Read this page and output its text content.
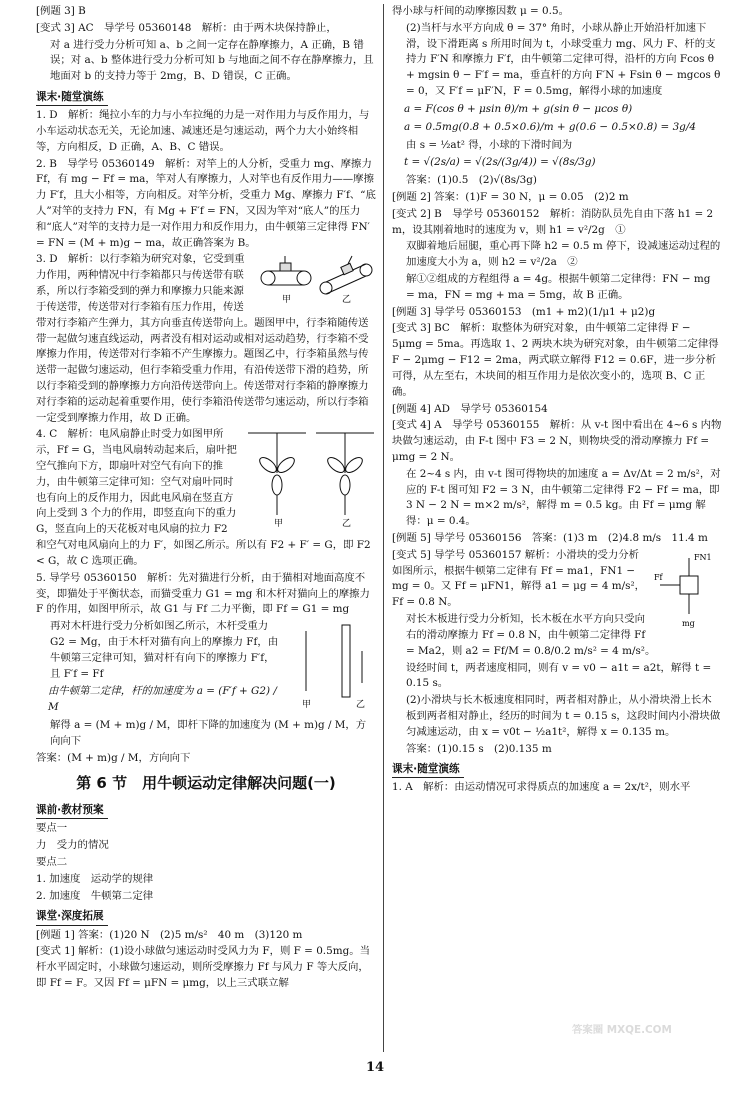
[例题 3] B

[变式 3] AC　导学号 05360148　解析：由于两木块保持静止，

对 a 进行受力分析可知 a、b 之间一定存在静摩擦力，A 正确，B 错误；对 a、b 整体进行受力分析可知 b 与地面之间不存在静摩擦力，且地面对 b 的支持力等于 2mg，B、D 错误，C 正确。

课末·随堂演练

1. D　解析：绳拉小车的力与小车拉绳的力是一对作用力与反作用力，与小车运动状态无关，无论加速、减速还是匀速运动，两个力大小始终相等，方向相反，D 正确，A、B、C 错误。

2. B　导学号 05360149　解析：对竿上的人分析，受重力 mg、摩擦力 Ff，有 mg − Ff = ma，竿对人有摩擦力，人对竿也有反作用力——摩擦力 F′f，且大小相等，方向相反。对竿分析，受重力 Mg、摩擦力 F′f、“底人”对竿的支持力 FN，有 Mg + F′f = FN，又因为竿对“底人”的压力和“底人”对竿的支持力是一对作用力和反作用力，由牛顿第三定律得 FN′ = FN = (M + m)g − ma，故正确答案为 B。

甲	乙

3. D　解析：以行李箱为研究对象，它受到重力作用，两种情况中行李箱都只与传送带有联系，所以行李箱受到的弹力和摩擦力只能来源于传送带，传送带对行李箱有压力作用，传送带对行李箱产生弹力，其方向垂直传送带向上。题图甲中，行李箱随传送带一起做匀速直线运动，两者没有相对运动或相对运动趋势，行李箱不受摩擦力作用，传送带对行李箱不产生摩擦力。题图乙中，行李箱虽然与传送带一起做匀速运动，但行李箱受重力作用，有沿传送带下滑的趋势，所以行李箱受到的静摩擦力方向沿传送带向上。传送带对行李箱的静摩擦力对行李箱的运动起着重要作用，使行李箱沿传送带匀速运动，所以行李箱一定受到摩擦力作用，故 D 正确。

甲	乙

4. C　解析：电风扇静止时受力如图甲所示，Ff = G，当电风扇转动起来后，扇叶把空气推向下方，即扇叶对空气有向下的推力，由牛顿第三定律可知：空气对扇叶同时也有向上的反作用力，因此电风扇在竖直方向上受到 3 个力的作用，即竖直向下的重力 G，竖直向上的天花板对电风扇的拉力 F2 和空气对电风扇向上的力 F′，如图乙所示。所以有 F2 + F′ = G，即 F2 < G，故 C 选项正确。

5. 导学号 05360150　解析：先对猫进行分析，由于猫相对地面高度不变，即猫处于平衡状态，而猫受重力 G1 = mg 和木杆对猫向上的摩擦力 F 的作用，如图甲所示，故 G1 与 Ff 二力平衡，即 Ff = G1 = mg

甲	乙

再对木杆进行受力分析如图乙所示，木杆受重力 G2 = Mg，由于木杆对猫有向上的摩擦力 Ff，由牛顿第三定律可知，猫对杆有向下的摩擦力 F′f，且 F′f = Ff

由牛顿第二定律，杆的加速度为 a = (F′f + G2) / M

解得 a = (M + m)g / M，即杆下降的加速度为 (M + m)g / M，方向向下

答案：(M + m)g / M，方向向下

第 6 节　用牛顿运动定律解决问题(一)
课前·教材预案

要点一

力　受力的情况

要点二

1. 加速度　运动学的规律

2. 加速度　牛顿第二定律

课堂·深度拓展

[例题 1] 答案：(1)20 N　(2)5 m/s²　40 m　(3)120 m

[变式 1] 解析：(1)设小球做匀速运动时受风力为 F，则 F = 0.5mg。当杆水平固定时，小球做匀速运动，则所受摩擦力 Ff 与风力 F 等大反向，即 Ff = F。又因 Ff = μFN = μmg，以上三式联立解

得小球与杆间的动摩擦因数 μ = 0.5。

(2)当杆与水平方向成 θ = 37° 角时，小球从静止开始沿杆加速下滑，设下滑距离 s 所用时间为 t，小球受重力 mg、风力 F、杆的支持力 F′N 和摩擦力 F′f，由牛顿第二定律可得，沿杆的方向 Fcos θ + mgsin θ − F′f = ma，垂直杆的方向 F′N + Fsin θ − mgcos θ = 0，又 F′f = μF′N，F = 0.5mg，解得小球的加速度

a = F(cos θ + μsin θ)/m + g(sin θ − μcos θ)

a = 0.5mg(0.8 + 0.5×0.6)/m + g(0.6 − 0.5×0.8) = 3g/4

由 s = ½at² 得，小球的下滑时间为

t = √(2s/a) = √(2s/(3g/4)) = √(8s/3g)

答案：(1)0.5　(2)√(8s/3g)

[例题 2] 答案：(1)F = 30 N，μ = 0.05　(2)2 m

[变式 2] B　导学号 05360152　解析：消防队员先自由下落 h1 = 2 m，设其刚着地时的速度为 v，则 h1 = v²/2g　①

双脚着地后屈腿，重心再下降 h2 = 0.5 m 停下，设减速运动过程的加速度大小为 a，则 h2 = v²/2a　②

解①②组成的方程组得 a = 4g。根据牛顿第二定律得：FN − mg = ma，FN = mg + ma = 5mg，故 B 正确。

[例题 3] 导学号 05360153　(m1 + m2)(1/μ1 + μ2)g

[变式 3] BC　解析：取整体为研究对象，由牛顿第二定律得 F − 5μmg = 5ma。再选取 1、2 两块木块为研究对象，由牛顿第二定律得 F − 2μmg − F12 = 2ma，两式联立解得 F12 = 0.6F，进一步分析可得，从左至右，木块间的相互作用力是依次变小的，选项 B、C 正确。

[例题 4] AD　导学号 05360154

[变式 4] A　导学号 05360155　解析：从 v-t 图中看出在 4~6 s 内物块做匀速运动，由 F-t 图中 F3 = 2 N，则物块受的滑动摩擦力 Ff = μmg = 2 N。

在 2~4 s 内，由 v-t 图可得物块的加速度 a = Δv/Δt = 2 m/s²，对应的 F-t 图可知 F2 = 3 N，由牛顿第二定律得 F2 − Ff = ma，即 3 N − 2 N = m×2 m/s²，解得 m = 0.5 kg。由 Ff = μmg 解得：μ = 0.4。

[例题 5] 导学号 05360156　答案：(1)3 m　(2)4.8 m/s　11.4 m

FN1
Ff
mg

[变式 5] 导学号 05360157 解析：小滑块的受力分析如图所示，根据牛顿第二定律有 Ff = ma1，FN1 − mg = 0。又 Ff = μFN1，解得 a1 = μg = 4 m/s²，Ff = 0.8 N。

对长木板进行受力分析知，长木板在水平方向只受向右的滑动摩擦力 Ff = 0.8 N，由牛顿第二定律得 Ff = Ma2，则 a2 = Ff/M = 0.8/0.2 m/s² = 4 m/s²。

设经时间 t，两者速度相同，则有 v = v0 − a1t = a2t，解得 t = 0.15 s。

(2)小滑块与长木板速度相同时，两者相对静止，从小滑块滑上长木板到两者相对静止，经历的时间为 t = 0.15 s，这段时间内小滑块做匀减速运动，由 x = v0t − ½a1t²，解得 x = 0.135 m。

答案：(1)0.15 s　(2)0.135 m

课末·随堂演练

1. A　解析：由运动情况可求得质点的加速度 a = 2x/t²，则水平

14
答案圈 MXQE.COM
